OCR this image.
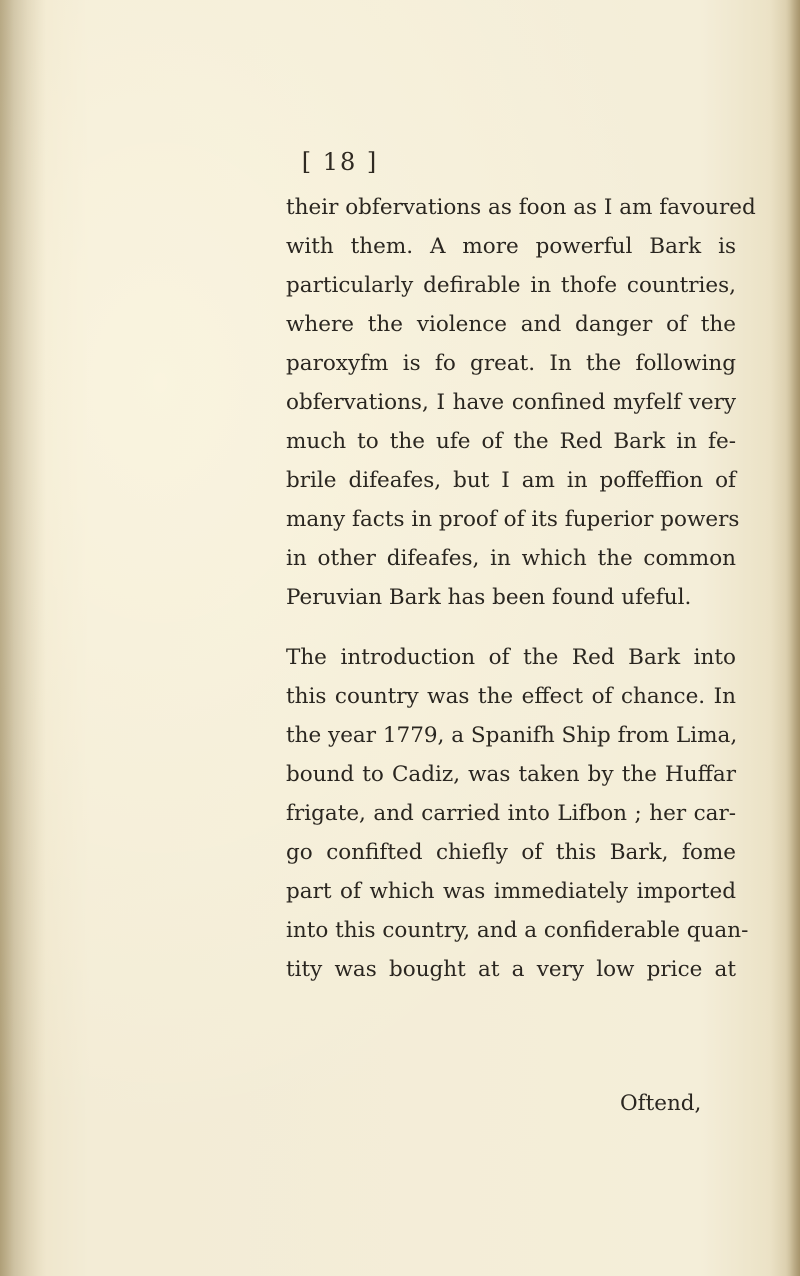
[ 18 ]
their obfervations as foon as I am favoured
with them. A more powerful Bark is
particularly defirable in thofe countries,
where the violence and danger of the
paroxyfm is fo great. In the following
obfervations, I have confined myfelf very
much to the ufe of the Red Bark in fe-
brile difeafes, but I am in poffeffion of
many facts in proof of its fuperior powers
in other difeafes, in which the common
Peruvian Bark has been found ufeful.
The introduction of the Red Bark into
this country was the effect of chance. In
the year 1779, a Spanifh Ship from Lima,
bound to Cadiz, was taken by the Huffar
frigate, and carried into Lifbon ; her car-
go confifted chiefly of this Bark, fome
part of which was immediately imported
into this country, and a confiderable quan-
tity was bought at a very low price at
Oftend,
